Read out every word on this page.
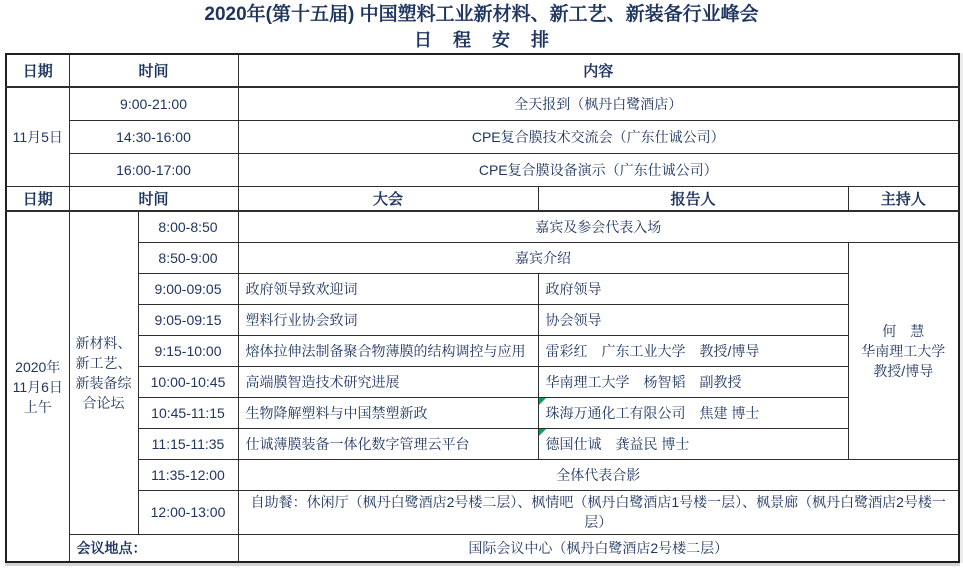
2020年(第十五届) 中国塑料工业新材料、新工艺、新装备行业峰会
日 程 安 排
日期	时间		内容		
11月5日	9:00-21:00		全天报到（枫丹白鹭酒店）		
	14:30-16:00		CPE复合膜技术交流会（广东仕诚公司）		
	16:00-17:00		CPE复合膜设备演示（广东仕诚公司）		
日期	时间		大会	报告人	主持人
2020年11月6日上午	新材料、新工艺、新装备综合论坛	8:00-8:50	嘉宾及参会代表入场		
		8:50-9:00	嘉宾介绍		何　慧
华南理工大学
教授/博导

		9:00-09:05	政府领导致欢迎词	政府领导	
		9:05-09:15	塑料行业协会致词	协会领导	
		9:15-10:00	熔体拉伸法制备聚合物薄膜的结构调控与应用	雷彩红　广东工业大学　教授/博导	
		10:00-10:45	高端膜智造技术研究进展	华南理工大学　杨智韬　副教授	
		10:45-11:15	生物降解塑料与中国禁塑新政	珠海万通化工有限公司　焦建 博士	
		11:15-11:35	仕诚薄膜装备一体化数字管理云平台	德国仕诚　龚益民 博士	
		11:35-12:00	全体代表合影		
		12:00-13:00	自助餐：休闲厅（枫丹白鹭酒店2号楼二层）、枫情吧（枫丹白鹭酒店1号楼一层）、枫景廊（枫丹白鹭酒店2号楼一层）		
	会议地点：		国际会议中心（枫丹白鹭酒店2号楼二层）		
